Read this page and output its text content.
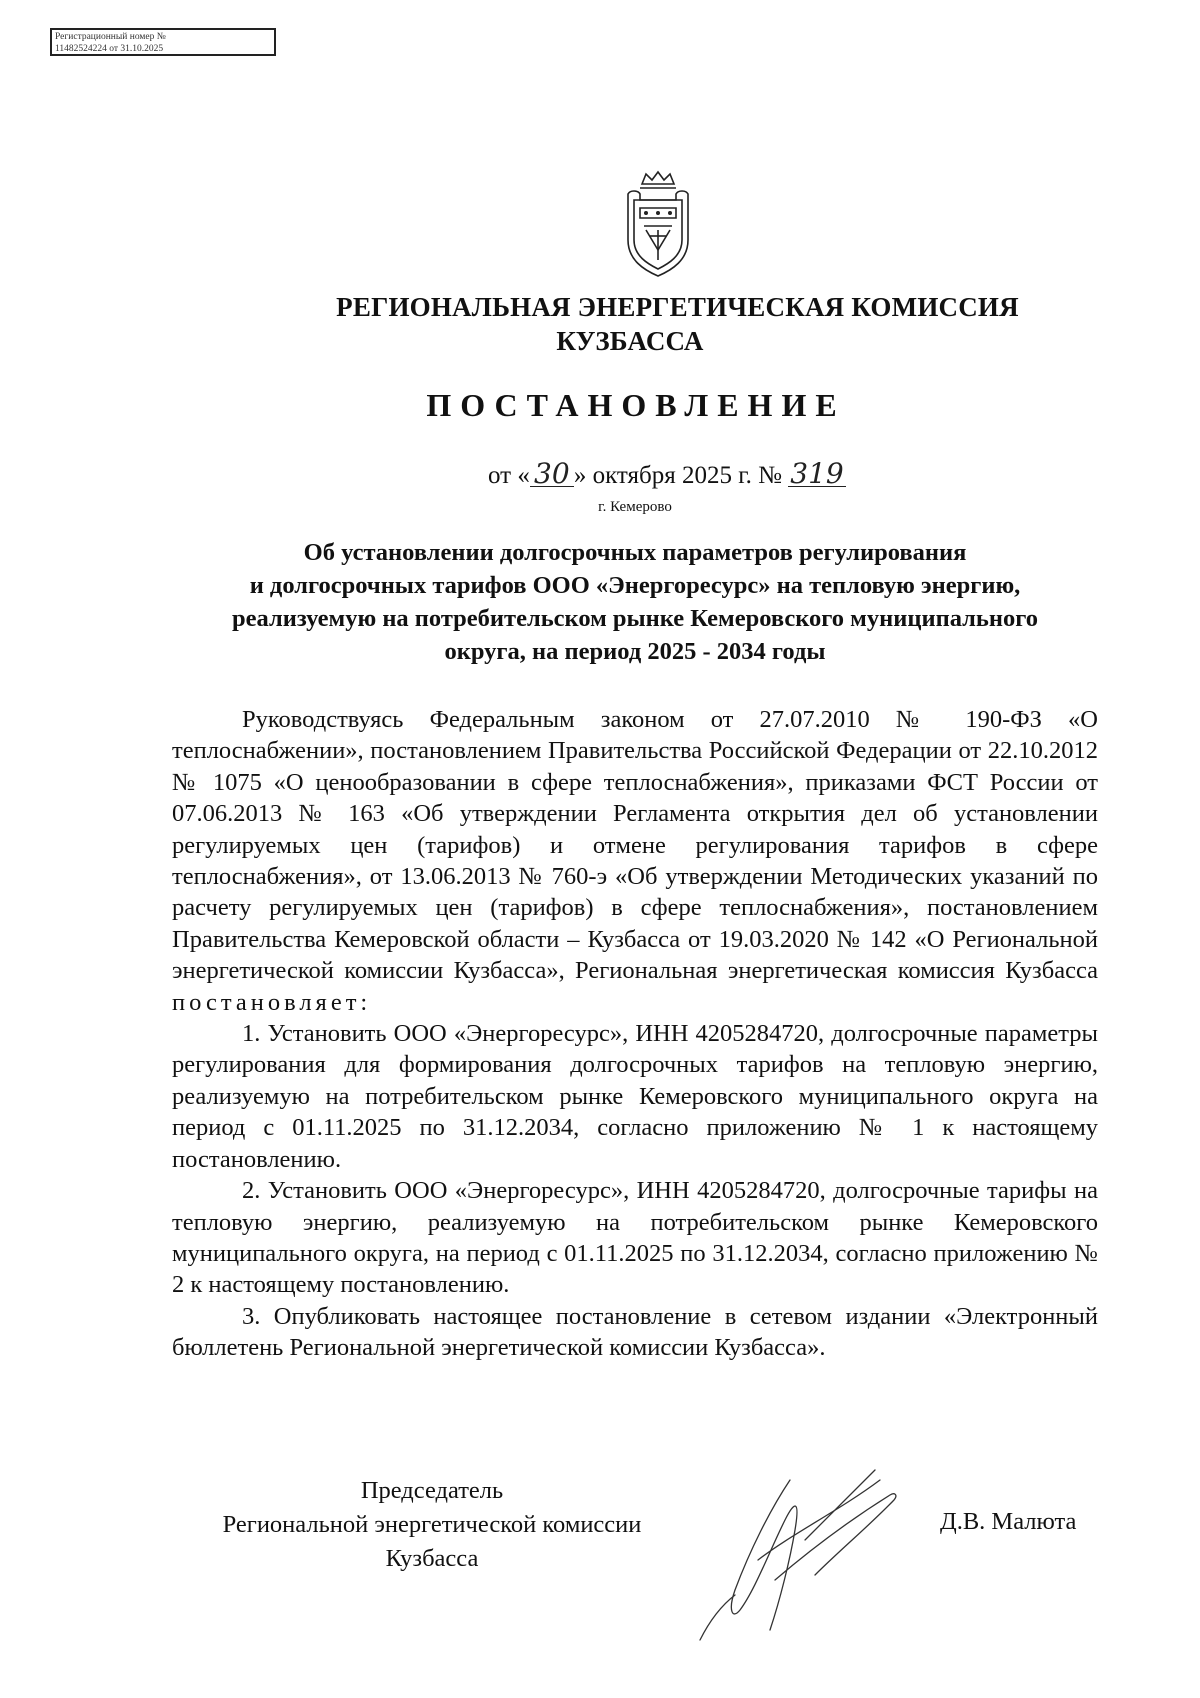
Регистрационный номер №
11482524224 от 31.10.2025
РЕГИОНАЛЬНАЯ ЭНЕРГЕТИЧЕСКАЯ КОМИССИЯ
КУЗБАССА
ПОСТАНОВЛЕНИЕ
от « 30 » октября 2025 г. № 319
г. Кемерово
Об установлении долгосрочных параметров регулирования
и долгосрочных тарифов ООО «Энергоресурс» на тепловую энергию,
реализуемую на потребительском рынке Кемеровского муниципального
округа, на период 2025 - 2034 годы

Руководствуясь Федеральным законом от 27.07.2010 № 190-ФЗ «О теплоснабжении», постановлением Правительства Российской Федерации от 22.10.2012 № 1075 «О ценообразовании в сфере теплоснабжения», приказами ФСТ России от 07.06.2013 № 163 «Об утверждении Регламента открытия дел об установлении регулируемых цен (тарифов) и отмене регулирования тарифов в сфере теплоснабжения», от 13.06.2013 № 760-э «Об утверждении Методических указаний по расчету регулируемых цен (тарифов) в сфере теплоснабжения», постановлением Правительства Кемеровской области – Кузбасса от 19.03.2020 № 142 «О Региональной энергетической комиссии Кузбасса», Региональная энергетическая комиссия Кузбасса постановляет:

1. Установить ООО «Энергоресурс», ИНН 4205284720, долгосрочные параметры регулирования для формирования долгосрочных тарифов на тепловую энергию, реализуемую на потребительском рынке Кемеровского муниципального округа на период с 01.11.2025 по 31.12.2034, согласно приложению № 1 к настоящему постановлению.

2. Установить ООО «Энергоресурс», ИНН 4205284720, долгосрочные тарифы на тепловую энергию, реализуемую на потребительском рынке Кемеровского муниципального округа, на период с 01.11.2025 по 31.12.2034, согласно приложению № 2 к настоящему постановлению.

3. Опубликовать настоящее постановление в сетевом издании «Электронный бюллетень Региональной энергетической комиссии Кузбасса».

Председатель
Региональной энергетической комиссии
Кузбасса
Д.В. Малюта
